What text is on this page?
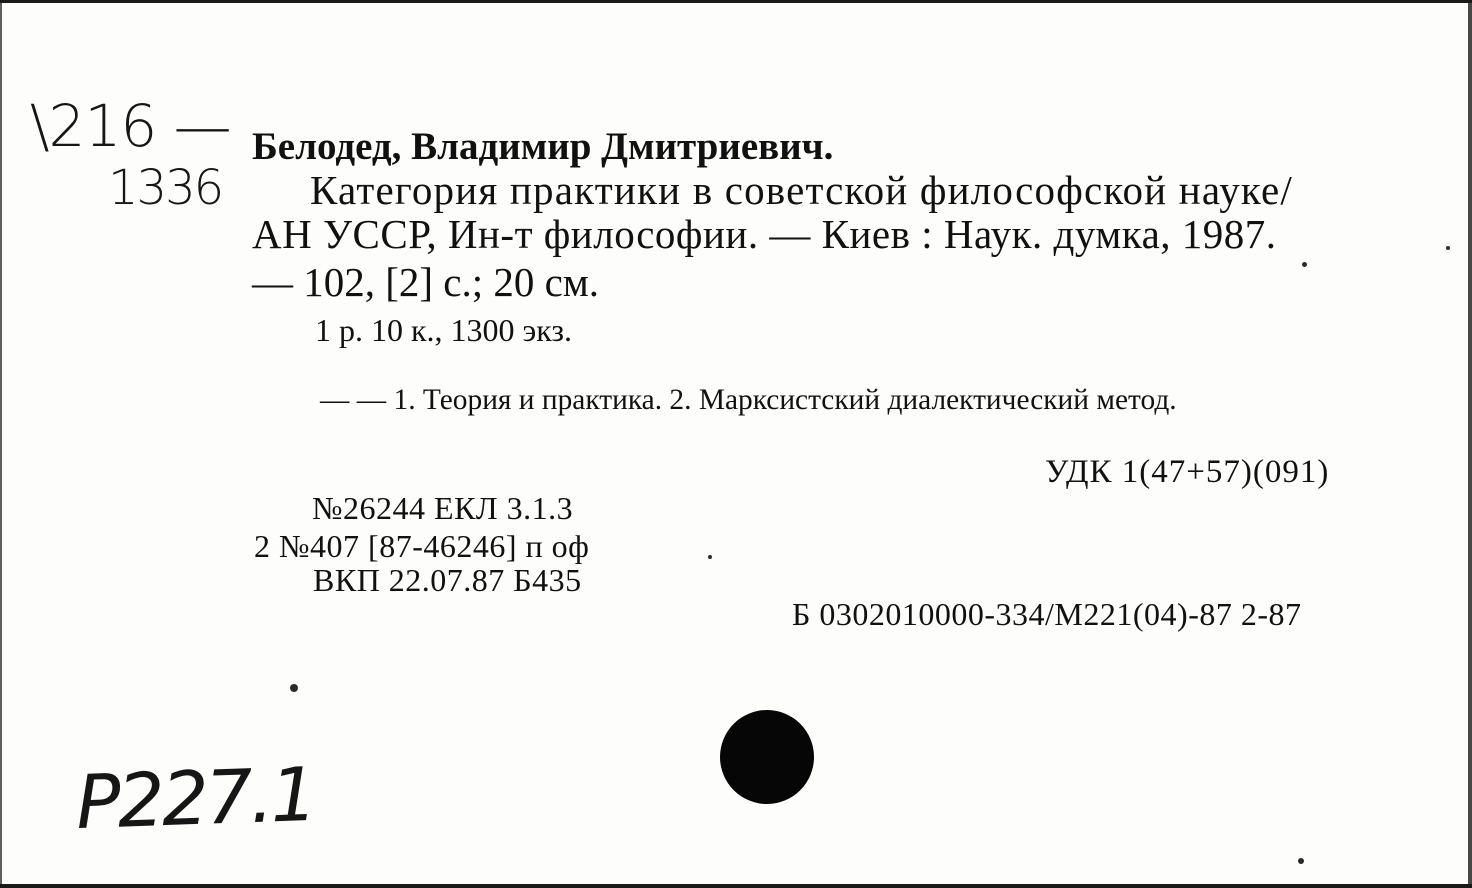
\216 —
1336
Белодед, Владимир Дмитриевич.
Категория практики в советской философской науке/
АН УССР, Ин-т философии. — Киев : Наук. думка, 1987.
— 102, [2] с.; 20 см.
1 р. 10 к., 1300 экз.
— — 1. Теория и практика. 2. Марксистский диалектический метод.
УДК 1(47+57)(091)
№26244 ЕКЛ 3.1.3
2 №407 [87-46246] п оф
ВКП 22.07.87 Б435
Б 0302010000-334/М221(04)-87 2-87
P227.1
